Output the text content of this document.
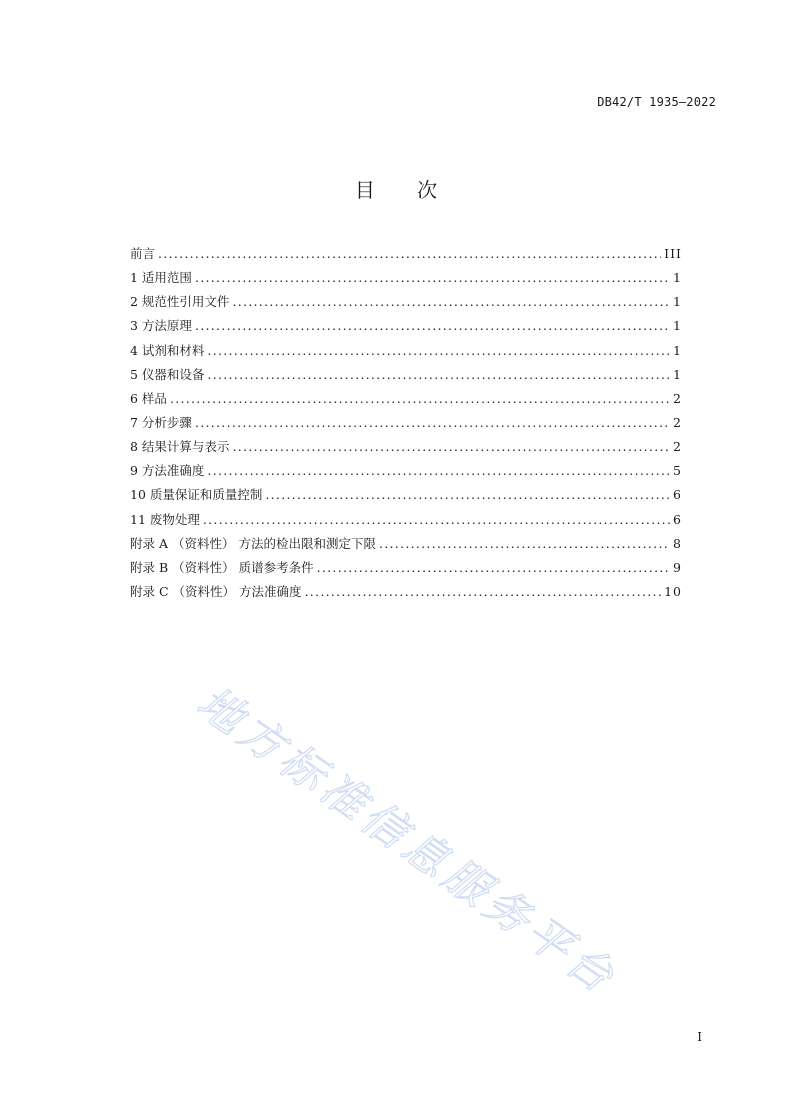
DB42/T 1935—2022
目 次
前言 .....	III
1 适用范围 .....	1
2 规范性引用文件 .....	1
3 方法原理 .....	1
4 试剂和材料 .....	1
5 仪器和设备 .....	1
6 样品 .....	2
7 分析步骤 .....	2
8 结果计算与表示 .....	2
9 方法准确度 .....	5
10 质量保证和质量控制 .....	6
11 废物处理 .....	6
附录 A （资料性） 方法的检出限和测定下限 .....	8
附录 B （资料性） 质谱参考条件 .....	9
附录 C （资料性） 方法准确度 .....	10
地方标准信息服务平台
I
